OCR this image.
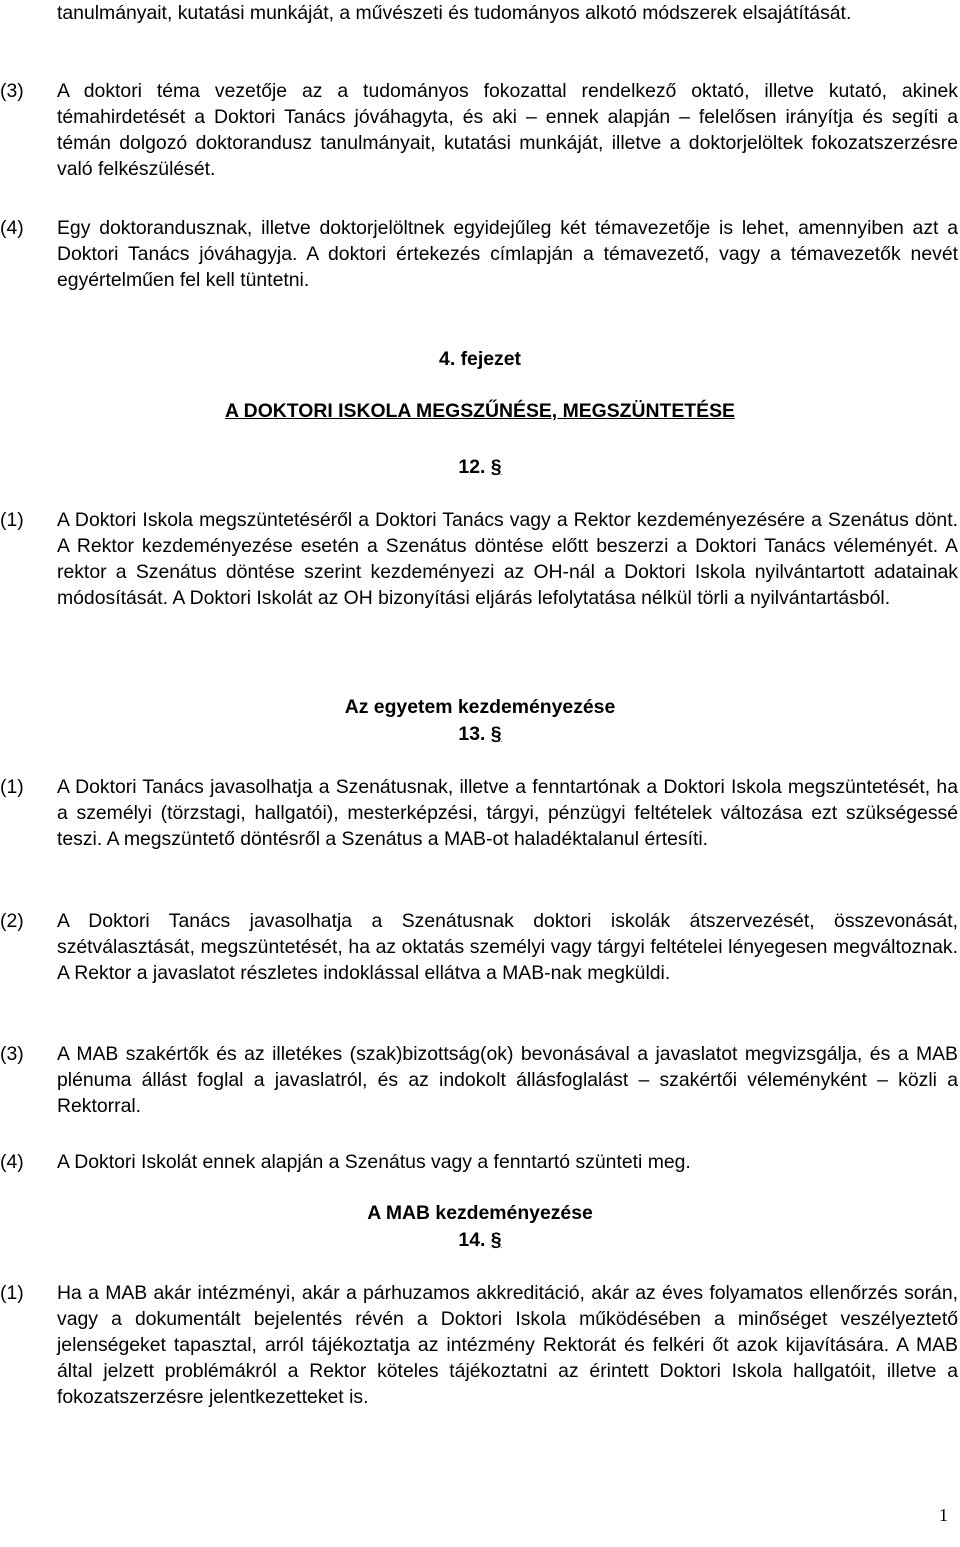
tanulmányait, kutatási munkáját, a művészeti és tudományos alkotó módszerek elsajátítását.
(3)	A doktori téma vezetője az a tudományos fokozattal rendelkező oktató, illetve kutató, akinek témahirdetését a Doktori Tanács jóváhagyta, és aki – ennek alapján – felelősen irányítja és segíti a témán dolgozó doktorandusz tanulmányait, kutatási munkáját, illetve a doktorjelöltek fokozatszerzésre való felkészülését.
(4)	Egy doktorandusznak, illetve doktorjelöltnek egyidejűleg két témavezetője is lehet, amennyiben azt a Doktori Tanács jóváhagyja. A doktori értekezés címlapján a témavezető, vagy a témavezetők nevét egyértelműen fel kell tüntetni.
4. fejezet
A DOKTORI ISKOLA MEGSZŰNÉSE, MEGSZÜNTETÉSE
12. §
(1)	A Doktori Iskola megszüntetéséről a Doktori Tanács vagy a Rektor kezdeményezésére a Szenátus dönt. A Rektor kezdeményezése esetén a Szenátus döntése előtt beszerzi a Doktori Tanács véleményét. A rektor a Szenátus döntése szerint kezdeményezi az OH-nál a Doktori Iskola nyilvántartott adatainak módosítását. A Doktori Iskolát az OH bizonyítási eljárás lefolytatása nélkül törli a nyilvántartásból.
Az egyetem kezdeményezése
13. §
(1)	A Doktori Tanács javasolhatja a Szenátusnak, illetve a fenntartónak a Doktori Iskola megszüntetését, ha a személyi (törzstagi, hallgatói), mesterképzési, tárgyi, pénzügyi feltételek változása ezt szükségessé teszi. A megszüntető döntésről a Szenátus a MAB-ot haladéktalanul értesíti.
(2)	A Doktori Tanács javasolhatja a Szenátusnak doktori iskolák átszervezését, összevonását, szétválasztását, megszüntetését, ha az oktatás személyi vagy tárgyi feltételei lényegesen megváltoznak. A Rektor a javaslatot részletes indoklással ellátva a MAB-nak megküldi.
(3)	A MAB szakértők és az illetékes (szak)bizottság(ok) bevonásával a javaslatot megvizsgálja, és a MAB plénuma állást foglal a javaslatról, és az indokolt állásfoglalást – szakértői véleményként – közli a Rektorral.
(4)	A Doktori Iskolát ennek alapján a Szenátus vagy a fenntartó szünteti meg.
A MAB kezdeményezése
14. §
(1)	Ha a MAB akár intézményi, akár a párhuzamos akkreditáció, akár az éves folyamatos ellenőrzés során, vagy a dokumentált bejelentés révén a Doktori Iskola működésében a minőséget veszélyeztető jelenségeket tapasztal, arról tájékoztatja az intézmény Rektorát és felkéri őt azok kijavítására. A MAB által jelzett problémákról a Rektor köteles tájékoztatni az érintett Doktori Iskola hallgatóit, illetve a fokozatszerzésre jelentkezetteket is.
1
